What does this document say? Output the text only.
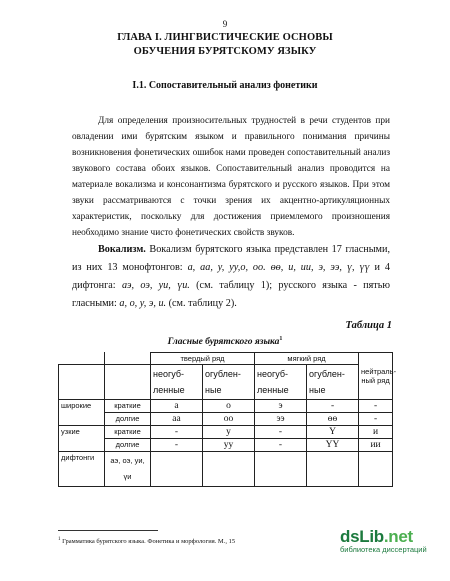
9
ГЛАВА I. ЛИНГВИСТИЧЕСКИЕ ОСНОВЫ
ОБУЧЕНИЯ БУРЯТСКОМУ ЯЗЫКУ
I.1. Сопоставительный анализ фонетики
Для определения произносительных трудностей в речи студентов при овладении ими бурятским языком и правильного понимания причины возникновения фонетических ошибок нами проведен сопоставительный анализ звукового состава обоих языков. Сопоставительный анализ проводится на материале вокализма и консонантизма бурятского и русского языков. При этом звуки рассматриваются с точки зрения их акцентно-артикуляционных характеристик, поскольку для достижения приемлемого произношения необходимо знание чисто фонетических свойств звуков.
Вокализм. Вокализм бурятского языка представлен 17 гласными, из них 13 монофтонгов: а, аа, у, уу,о, оо. өө, и, ии, э, ээ, ү, үү и 4 дифтонга: аэ, оэ, уи, үи. (см. таблицу 1); русского языка - пятью гласными: а, о, у, э, и. (см. таблицу 2).
Таблица 1
Гласные бурятского языка$^1$
		твердый ряд		мягкий ряд		нейтраль-ный ряд
		неогуб-ленные	огублен-ные	неогуб-ленные	огублен-ные	
широкие	краткие	а	о	э	-	-
	долгие	аа	оо	ээ	өө	-
узкие	краткие	-	у	-	Ү	и
	долгие	-	уу	-	ҮҮ	ии
дифтонги	аэ, оэ, уи, үи					
$^1$ Грамматика бурятского языка. Фонетика и морфология. М., 15	dsLib.net
библиотека диссертаций
